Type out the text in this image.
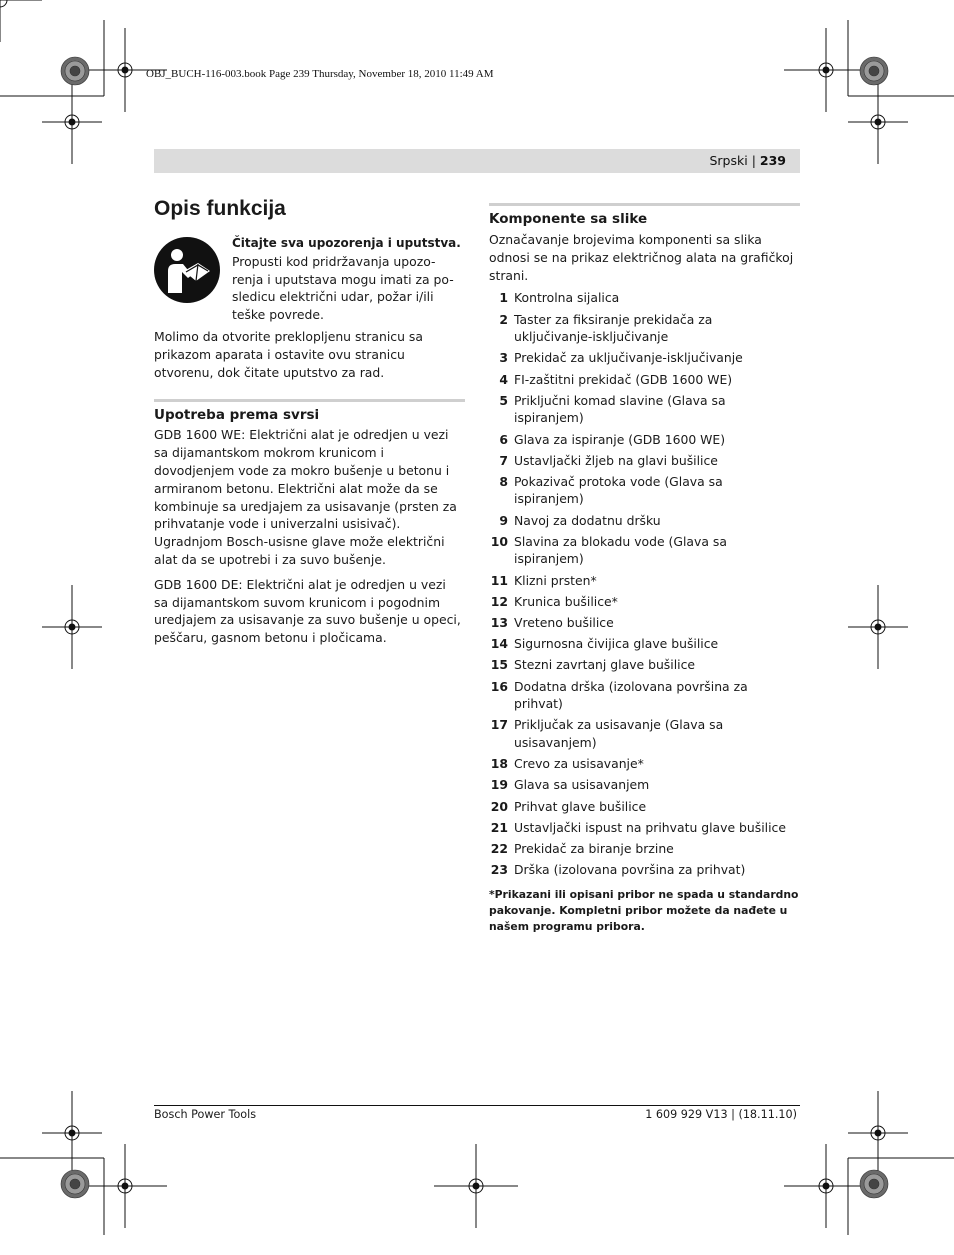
OBJ_BUCH-116-003.book Page 239 Thursday, November 18, 2010 11:49 AM
Srpski | 239
Opis funkcija
Čitajte sva upozorenja i uputstva.
Propusti kod pridržavanja upozo-
renja i uputstava mogu imati za po-
sledicu električni udar, požar i/ili
teške povrede.
Molimo da otvorite preklopljenu stranicu sa
prikazom aparata i ostavite ovu stranicu
otvorenu, dok čitate uputstvo za rad.
Upotreba prema svrsi
GDB 1600 WE: Električni alat je odredjen u vezi
sa dijamantskom mokrom krunicom i
dovodjenjem vode za mokro bušenje u betonu i
armiranom betonu. Električni alat može da se
kombinuje sa uredjajem za usisavanje (prsten za
prihvatanje vode i univerzalni usisivač).
Ugradnjom Bosch-usisne glave može električni
alat da se upotrebi i za suvo bušenje.
GDB 1600 DE: Električni alat je odredjen u vezi
sa dijamantskom suvom krunicom i pogodnim
uredjajem za usisavanje za suvo bušenje u opeci,
peščaru, gasnom betonu i pločicama.
Komponente sa slike
Označavanje brojevima komponenti sa slika
odnosi se na prikaz električnog alata na grafičkoj
strani.
1 Kontrolna sijalica
2 Taster za fiksiranje prekidača za
uključivanje-isključivanje
3 Prekidač za uključivanje-isključivanje
4 FI-zaštitni prekidač (GDB 1600 WE)
5 Priključni komad slavine (Glava sa
ispiranjem)
6 Glava za ispiranje (GDB 1600 WE)
7 Ustavljački žljeb na glavi bušilice
8 Pokazivač protoka vode (Glava sa
ispiranjem)
9 Navoj za dodatnu dršku
10 Slavina za blokadu vode (Glava sa
ispiranjem)
11 Klizni prsten*
12 Krunica bušilice*
13 Vreteno bušilice
14 Sigurnosna čivijica glave bušilice
15 Stezni zavrtanj glave bušilice
16 Dodatna drška (izolovana površina za
prihvat)
17 Priključak za usisavanje (Glava sa
usisavanjem)
18 Crevo za usisavanje*
19 Glava sa usisavanjem
20 Prihvat glave bušilice
21 Ustavljački ispust na prihvatu glave bušilice
22 Prekidač za biranje brzine
23 Drška (izolovana površina za prihvat)
*Prikazani ili opisani pribor ne spada u standardno
pakovanje. Kompletni pribor možete da nađete u
našem programu pribora.
Bosch Power Tools	1 609 929 V13 | (18.11.10)
